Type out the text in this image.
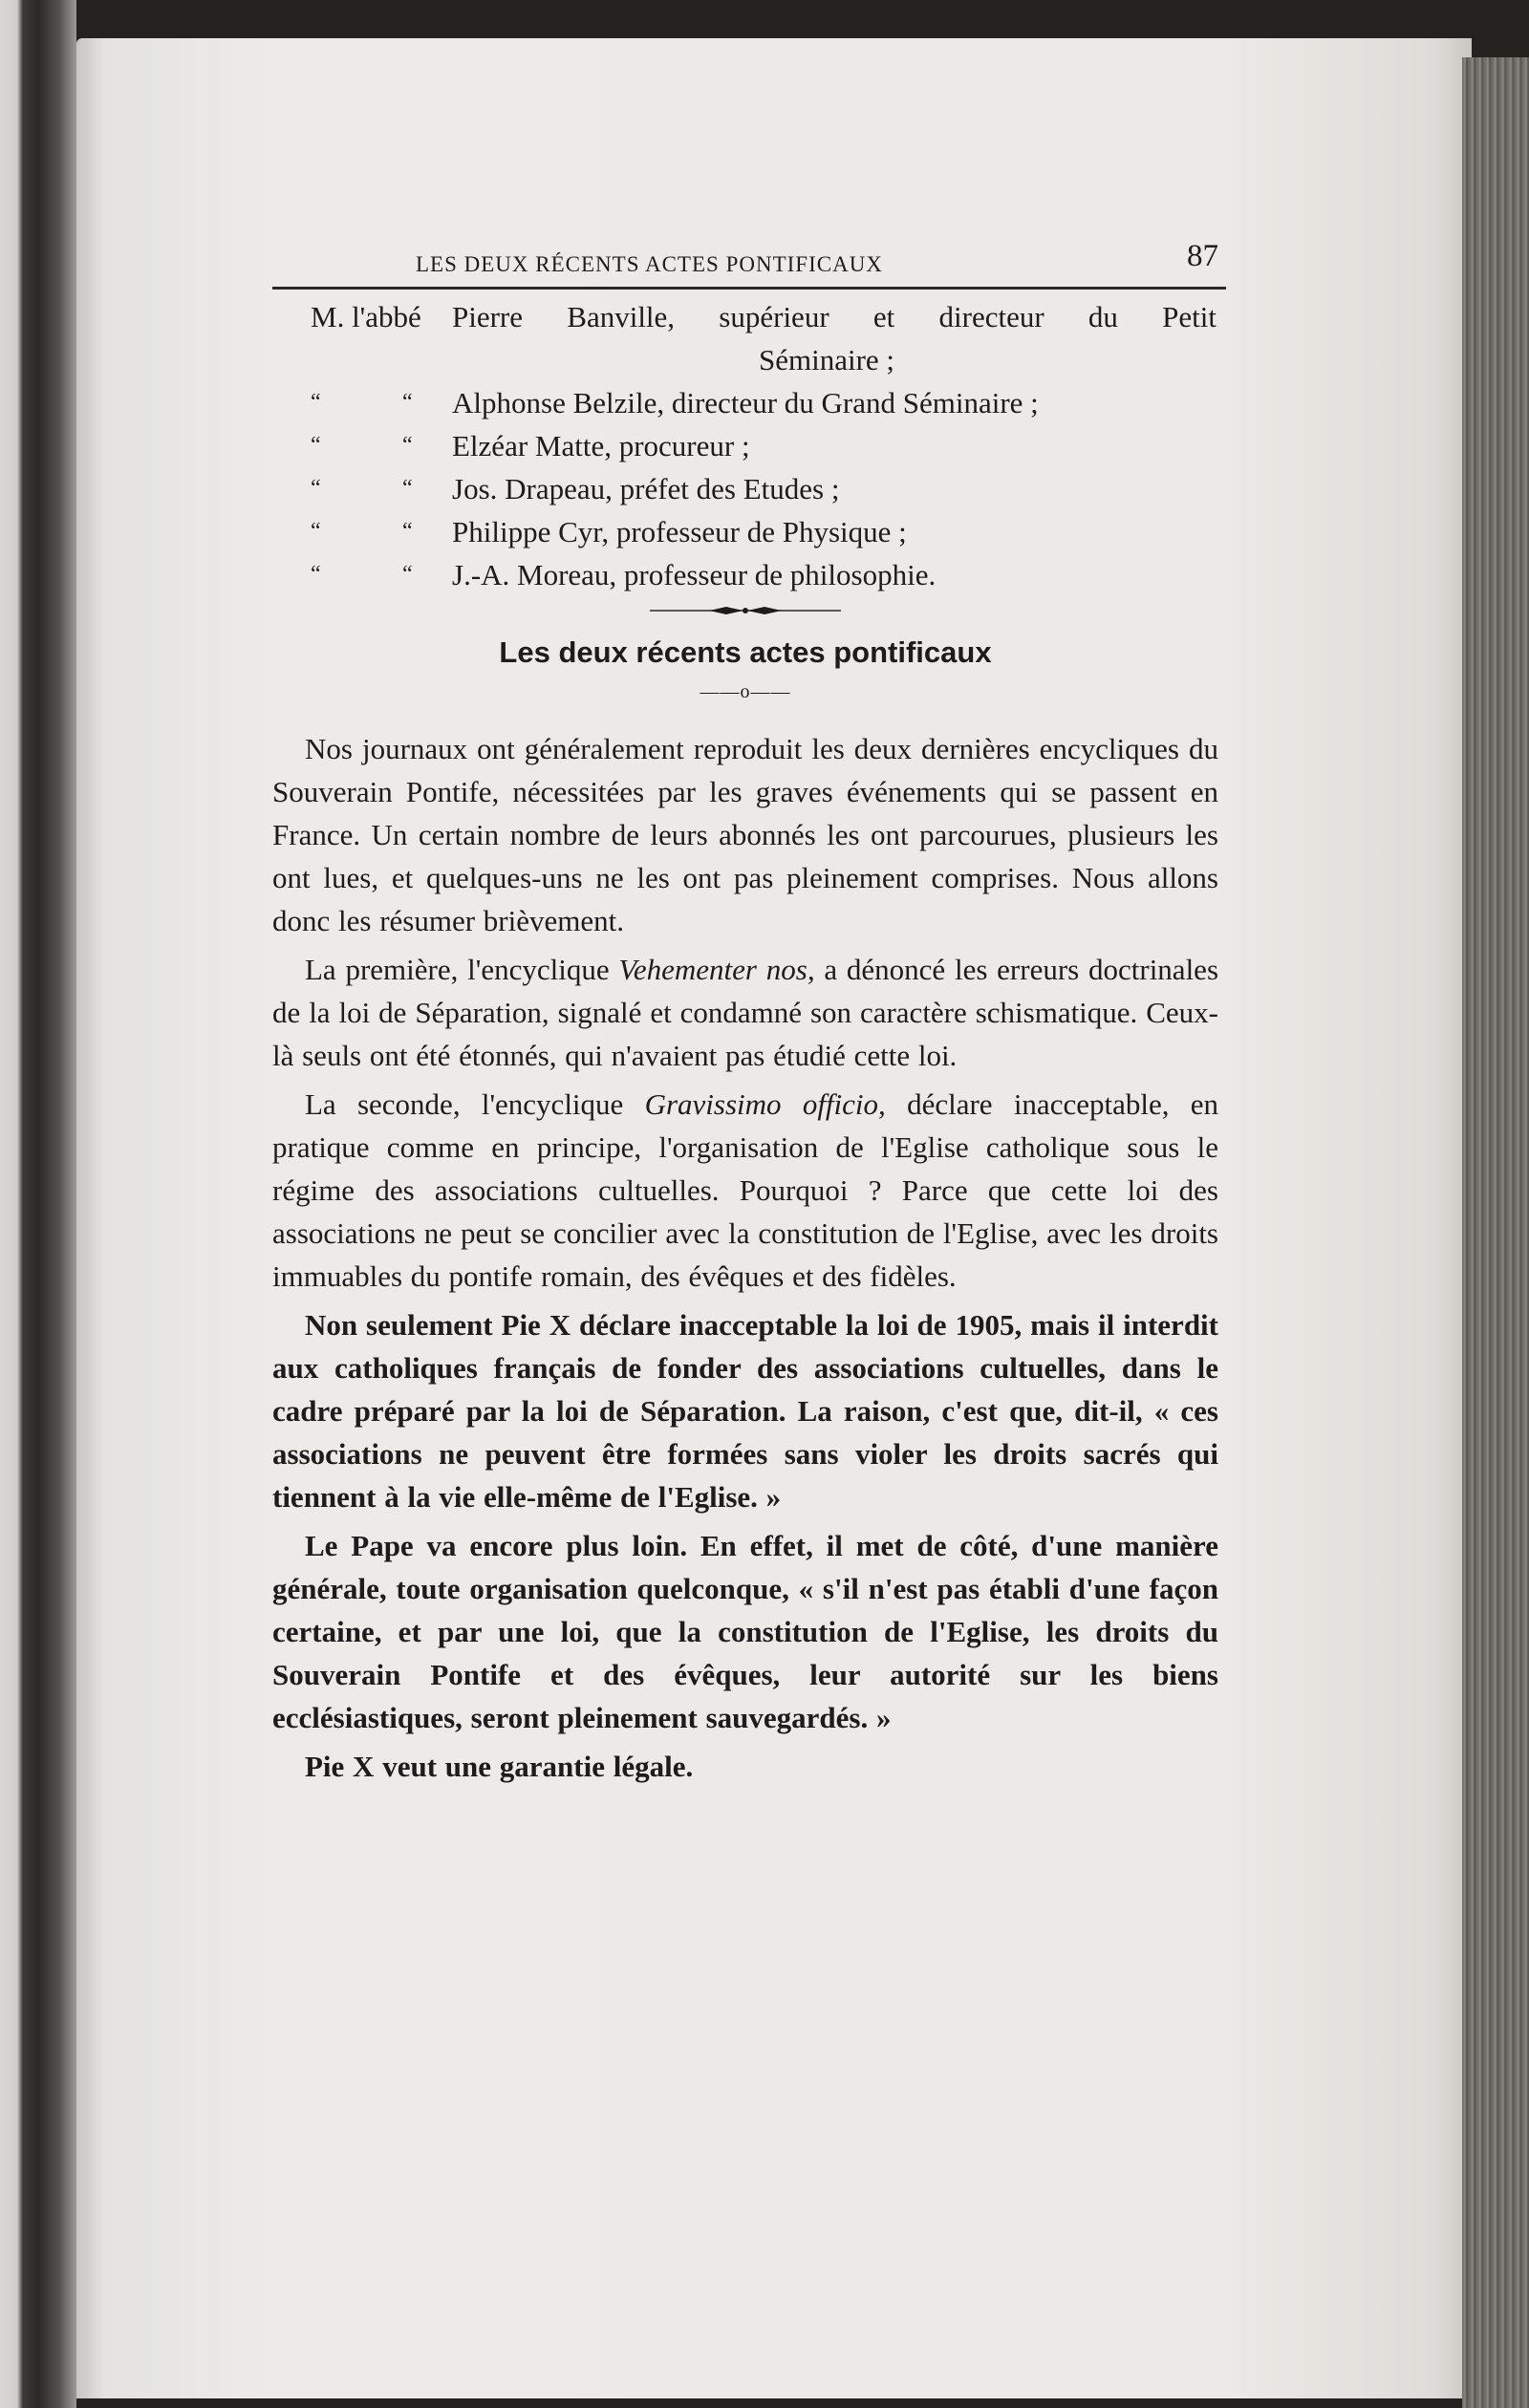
LES DEUX RÉCENTS ACTES PONTIFICAUX	87
M. l'abbé Pierre Banville, supérieur et directeur du Petit
Séminaire ;
“	“ Alphonse Belzile, directeur du Grand Séminaire ;
“	“ Elzéar Matte, procureur ;
“	“ Jos. Drapeau, préfet des Etudes ;
“	“ Philippe Cyr, professeur de Physique ;
“	“ J.-A. Moreau, professeur de philosophie.
Les deux récents actes pontificaux
——o——

Nos journaux ont généralement reproduit les deux dernières encycliques du Souverain Pontife, nécessitées par les graves événements qui se passent en France. Un certain nombre de leurs abonnés les ont parcourues, plusieurs les ont lues, et quelques-uns ne les ont pas pleinement comprises. Nous allons donc les résumer brièvement.

La première, l'encyclique Vehementer nos, a dénoncé les erreurs doctrinales de la loi de Séparation, signalé et condamné son caractère schismatique. Ceux-là seuls ont été étonnés, qui n'avaient pas étudié cette loi.

La seconde, l'encyclique Gravissimo officio, déclare inacceptable, en pratique comme en principe, l'organisation de l'Eglise catholique sous le régime des associations cultuelles. Pourquoi ? Parce que cette loi des associations ne peut se concilier avec la constitution de l'Eglise, avec les droits immuables du pontife romain, des évêques et des fidèles.

Non seulement Pie X déclare inacceptable la loi de 1905, mais il interdit aux catholiques français de fonder des associations cultuelles, dans le cadre préparé par la loi de Séparation. La raison, c'est que, dit-il, « ces associations ne peuvent être formées sans violer les droits sacrés qui tiennent à la vie elle-même de l'Eglise. »

Le Pape va encore plus loin. En effet, il met de côté, d'une manière générale, toute organisation quelconque, « s'il n'est pas établi d'une façon certaine, et par une loi, que la constitution de l'Eglise, les droits du Souverain Pontife et des évêques, leur autorité sur les biens ecclésiastiques, seront pleinement sauvegardés. »

Pie X veut une garantie légale.
